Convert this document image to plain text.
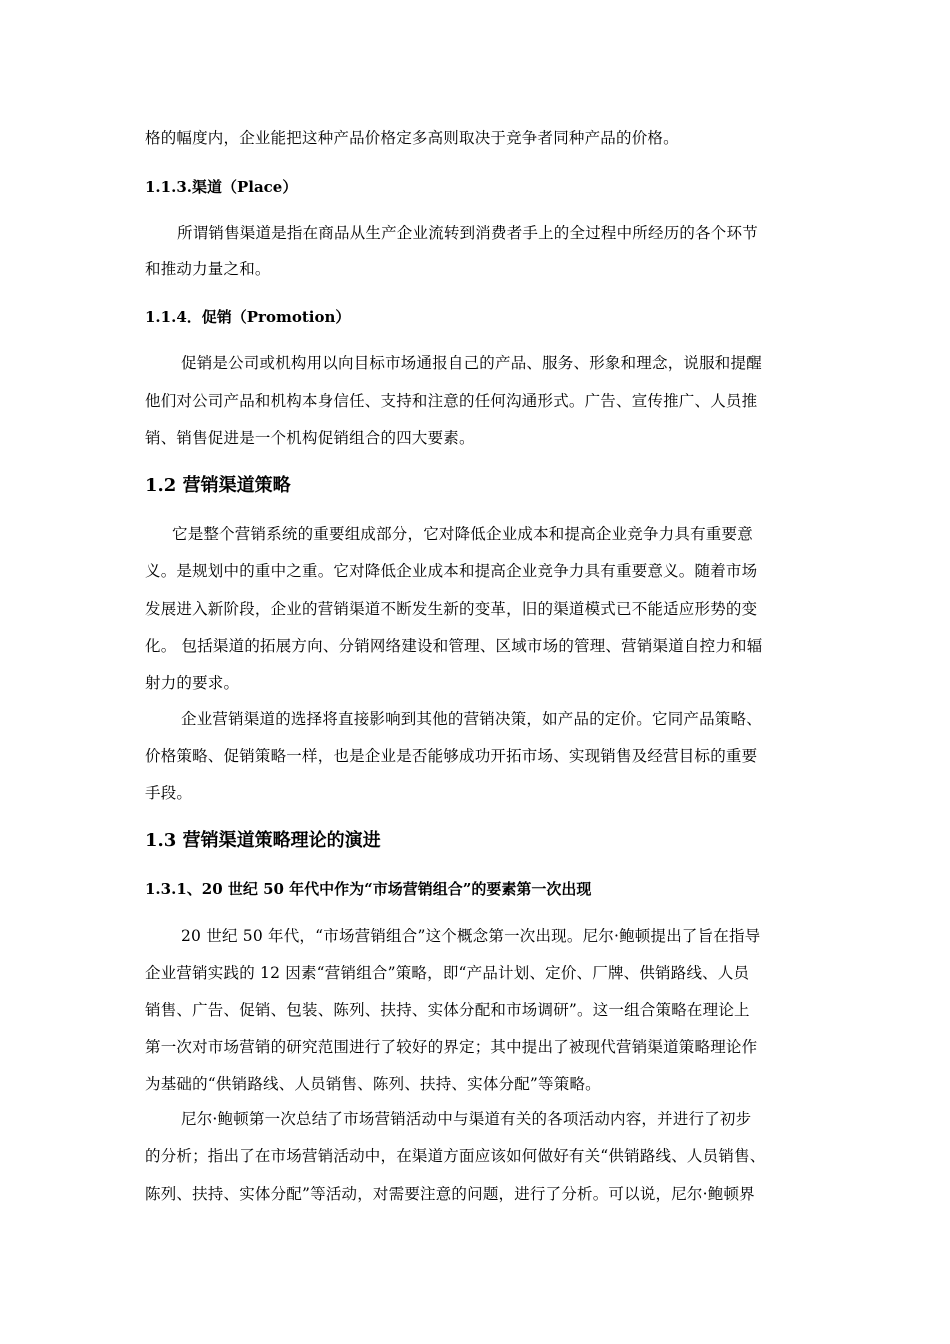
格的幅度内，企业能把这种产品价格定多高则取决于竞争者同种产品的价格。
1.1.3.渠道（Place）
所谓销售渠道是指在商品从生产企业流转到消费者手上的全过程中所经历的各个环节
和推动力量之和。
1.1.4．促销（Promotion）
促销是公司或机构用以向目标市场通报自己的产品、服务、形象和理念，说服和提醒
他们对公司产品和机构本身信任、支持和注意的任何沟通形式。广告、宣传推广、人员推
销、销售促进是一个机构促销组合的四大要素。
1.2 营销渠道策略
它是整个营销系统的重要组成部分，它对降低企业成本和提高企业竞争力具有重要意
义。是规划中的重中之重。它对降低企业成本和提高企业竞争力具有重要意义。随着市场
发展进入新阶段，企业的营销渠道不断发生新的变革，旧的渠道模式已不能适应形势的变
化。 包括渠道的拓展方向、分销网络建设和管理、区域市场的管理、营销渠道自控力和辐
射力的要求。
企业营销渠道的选择将直接影响到其他的营销决策，如产品的定价。它同产品策略、
价格策略、促销策略一样，也是企业是否能够成功开拓市场、实现销售及经营目标的重要
手段。
1.3 营销渠道策略理论的演进
1.3.1、20 世纪 50 年代中作为“市场营销组合”的要素第一次出现
20 世纪 50 年代，“市场营销组合”这个概念第一次出现。尼尔·鲍顿提出了旨在指导
企业营销实践的 12 因素“营销组合”策略，即“产品计划、定价、厂牌、供销路线、人员
销售、广告、促销、包装、陈列、扶持、实体分配和市场调研”。这一组合策略在理论上
第一次对市场营销的研究范围进行了较好的界定；其中提出了被现代营销渠道策略理论作
为基础的“供销路线、人员销售、陈列、扶持、实体分配”等策略。
尼尔·鲍顿第一次总结了市场营销活动中与渠道有关的各项活动内容，并进行了初步
的分析；指出了在市场营销活动中，在渠道方面应该如何做好有关“供销路线、人员销售、
陈列、扶持、实体分配”等活动，对需要注意的问题，进行了分析。可以说，尼尔·鲍顿界
